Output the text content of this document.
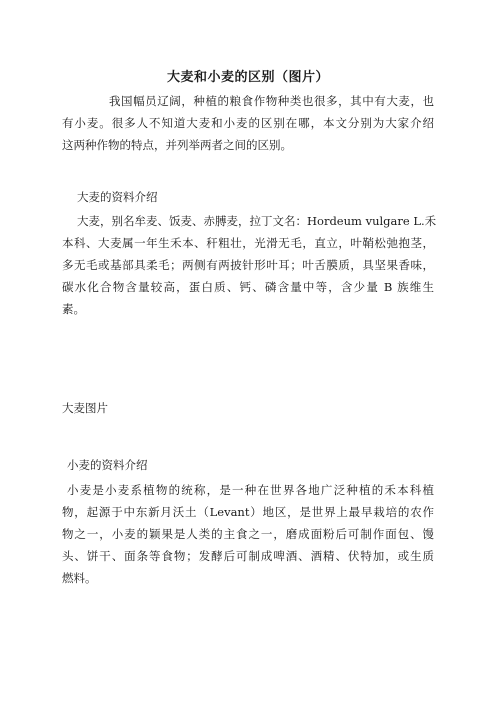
大麦和小麦的区别（图片）
我国幅员辽阔，种植的粮食作物种类也很多，其中有大麦，也
有小麦。很多人不知道大麦和小麦的区别在哪，本文分别为大家介绍
这两种作物的特点，并列举两者之间的区别。

大麦的资料介绍

大麦，别名牟麦、饭麦、赤膊麦，拉丁文名：Hordeum vulgare L.禾
本科、大麦属一年生禾本、秆粗壮，光滑无毛，直立，叶鞘松弛抱茎，
多无毛或基部具柔毛；两侧有两披针形叶耳；叶舌膜质，具坚果香味，
碳水化合物含量较高，蛋白质、钙、磷含量中等，含少量 B 族维生
素。

大麦图片

小麦的资料介绍

小麦是小麦系植物的统称，是一种在世界各地广泛种植的禾本科植
物，起源于中东新月沃土（Levant）地区，是世界上最早栽培的农作
物之一，小麦的颖果是人类的主食之一，磨成面粉后可制作面包、馒
头、饼干、面条等食物；发酵后可制成啤酒、酒精、伏特加，或生质
燃料。
